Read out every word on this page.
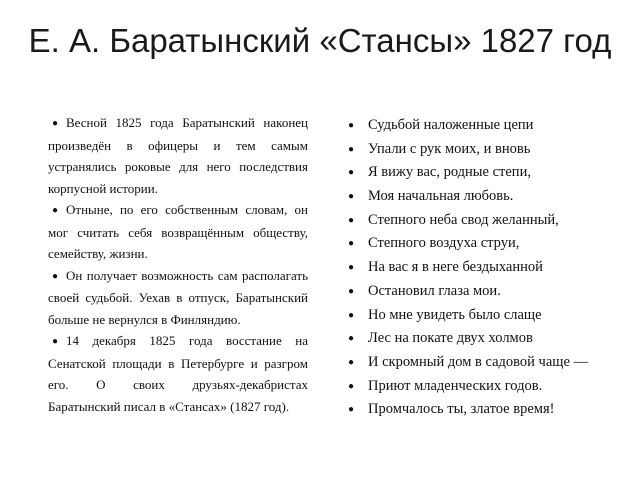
Е. А. Баратынский «Стансы» 1827 год

● Весной 1825 года Баратынский наконец произведён в офицеры и тем самым устранялись роковые для него последствия корпусной истории.

● Отныне, по его собственным словам, он мог считать себя возвращённым обществу, семейству, жизни.

● Он получает возможность сам располагать своей судьбой. Уехав в отпуск, Баратынский больше не вернулся в Финляндию.

● 14 декабря 1825 года восстание на Сенатской площади в Петербурге и разгром его. О своих друзьях-декабристах Баратынский писал в «Стансах» (1827 год).

● Судьбой наложенные цепи
● Упали с рук моих, и вновь
● Я вижу вас, родные степи,
● Моя начальная любовь.
● Степного неба свод желанный,
● Степного воздуха струи,
● На вас я в неге бездыханной
● Остановил глаза мои.
● Но мне увидеть было слаще
● Лес на покате двух холмов
● И скромный дом в садовой чаще —
● Приют младенческих годов.
● Промчалось ты, златое время!
